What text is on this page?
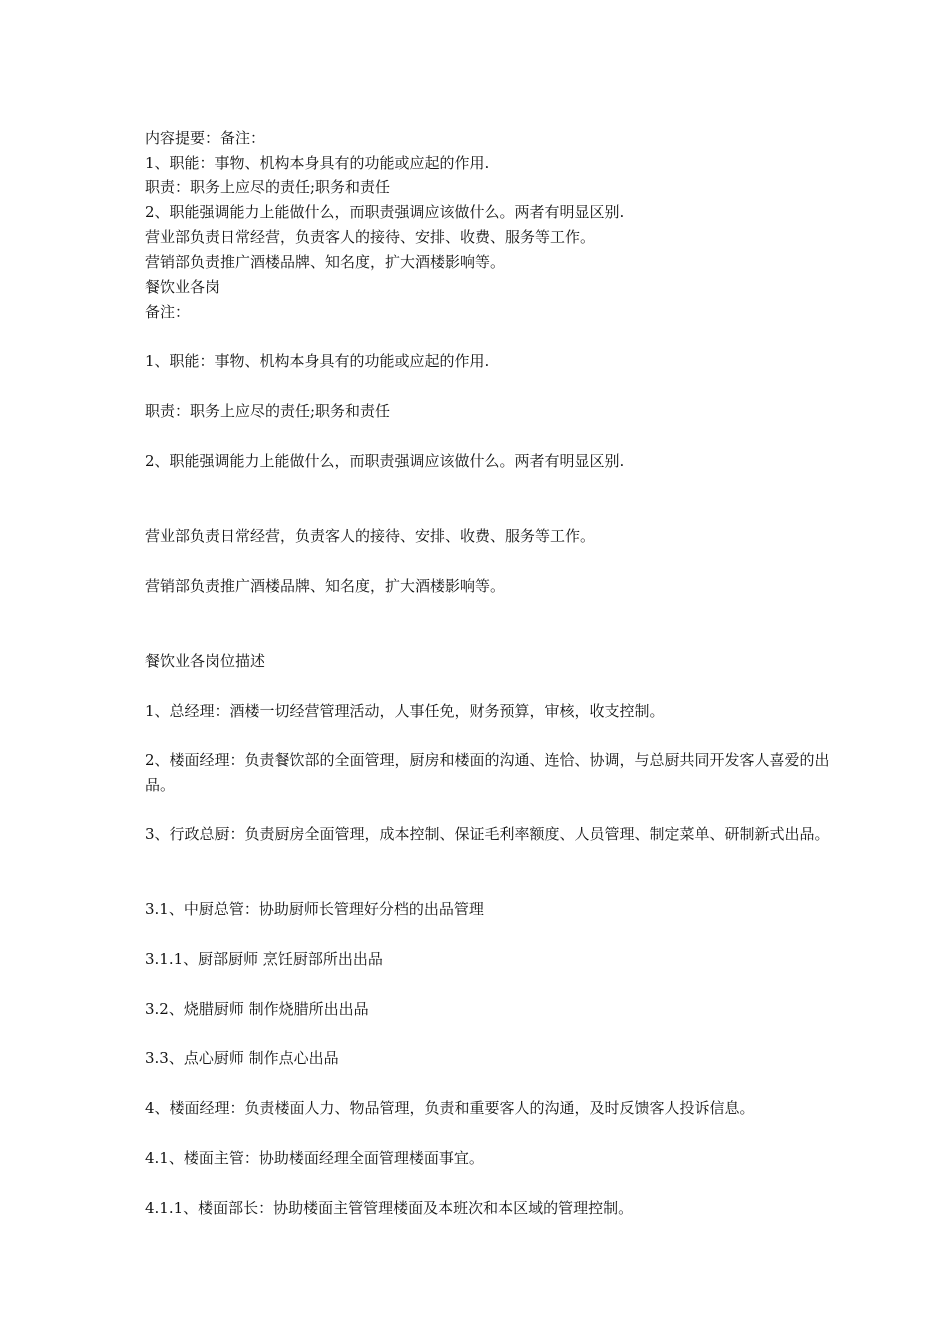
内容提要：备注：
1、职能：事物、机构本身具有的功能或应起的作用.
职责：职务上应尽的责任;职务和责任
2、职能强调能力上能做什么，而职责强调应该做什么。两者有明显区别.
营业部负责日常经营，负责客人的接待、安排、收费、服务等工作。
营销部负责推广酒楼品牌、知名度，扩大酒楼影响等。
餐饮业各岗
备注：
1、职能：事物、机构本身具有的功能或应起的作用.
职责：职务上应尽的责任;职务和责任
2、职能强调能力上能做什么，而职责强调应该做什么。两者有明显区别.
营业部负责日常经营，负责客人的接待、安排、收费、服务等工作。
营销部负责推广酒楼品牌、知名度，扩大酒楼影响等。
餐饮业各岗位描述
1、总经理：酒楼一切经营管理活动，人事任免，财务预算，审核，收支控制。
2、楼面经理：负责餐饮部的全面管理，厨房和楼面的沟通、连恰、协调，与总厨共同开发客人喜爱的出品。
3、行政总厨：负责厨房全面管理，成本控制、保证毛利率额度、人员管理、制定菜单、研制新式出品。
3.1、中厨总管：协助厨师长管理好分档的出品管理
3.1.1、厨部厨师 烹饪厨部所出出品
3.2、烧腊厨师 制作烧腊所出出品
3.3、点心厨师 制作点心出品
4、楼面经理：负责楼面人力、物品管理，负责和重要客人的沟通，及时反馈客人投诉信息。
4.1、楼面主管：协助楼面经理全面管理楼面事宜。
4.1.1、楼面部长：协助楼面主管管理楼面及本班次和本区域的管理控制。
